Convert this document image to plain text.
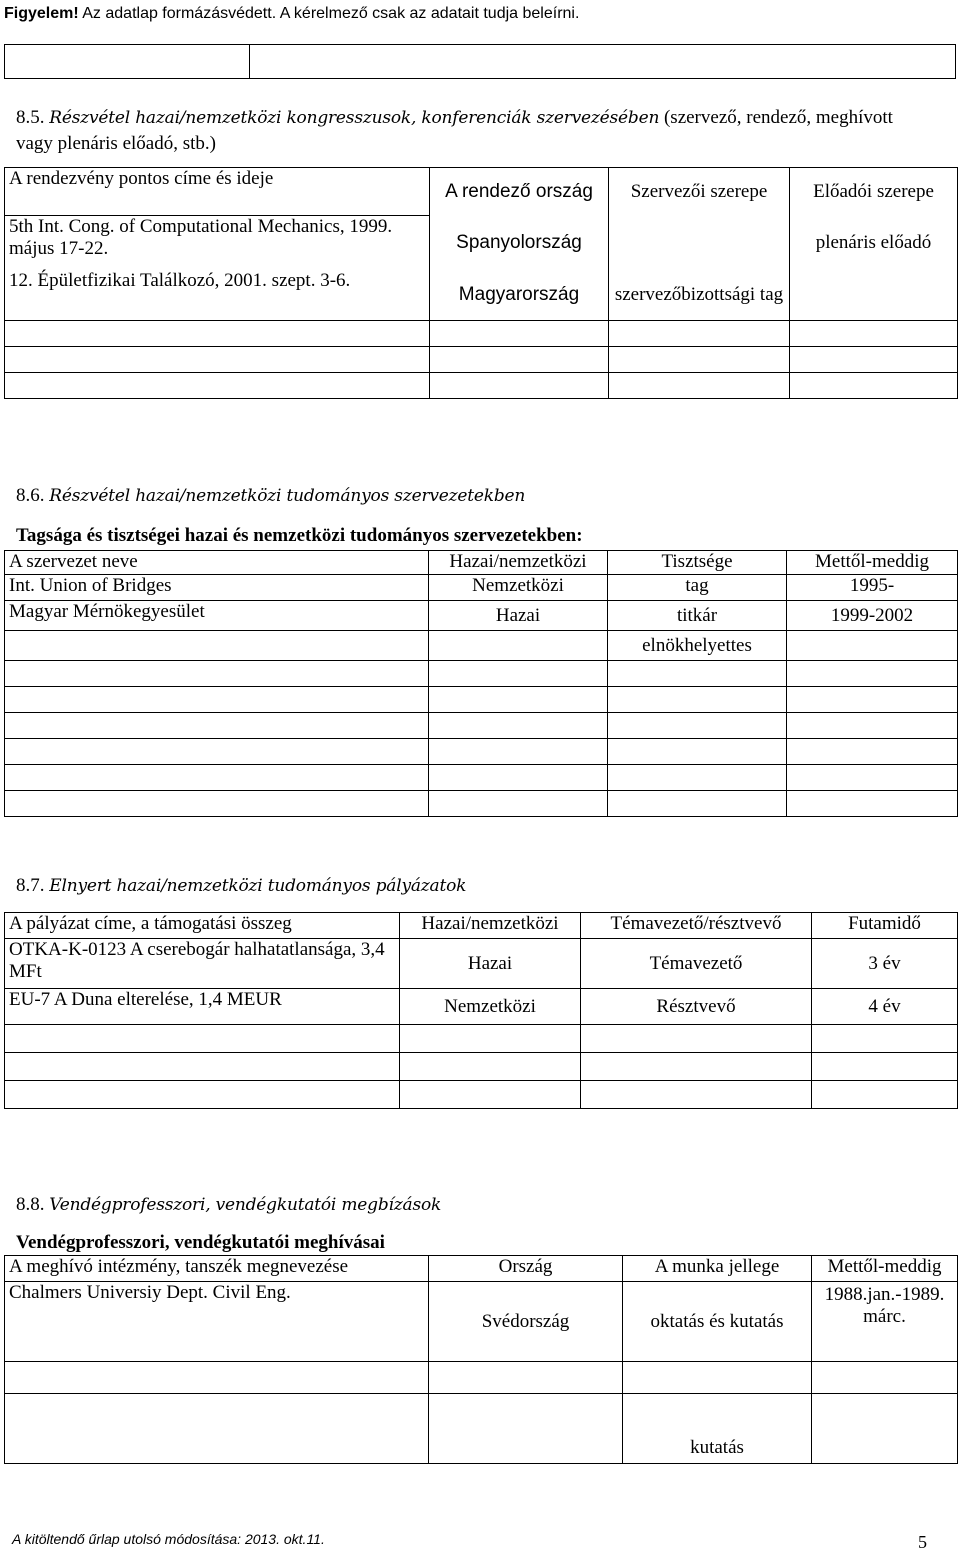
Figyelem! Az adatlap formázásvédett. A kérelmező csak az adatait tudja beleírni.

8.5. Részvétel hazai/nemzetközi kongresszusok, konferenciák szervezésében (szervező, rendező, meghívott
vagy plenáris előadó, stb.)
A rendezvény pontos címe és ideje	A rendező ország	Szervezői szerepe	Előadói szerepe
5th Int. Cong. of Computational Mechanics, 1999. május 17-22.	Spanyolország		plenáris előadó
12. Épületfizikai Találkozó, 2001. szept. 3-6.	Magyarország	szervezőbizottsági tag	

8.6. Részvétel hazai/nemzetközi tudományos szervezetekben
Tagsága és tisztségei hazai és nemzetközi tudományos szervezetekben:
A szervezet neve	Hazai/nemzetközi	Tisztsége	Mettől-meddig
Int. Union of Bridges	Nemzetközi	tag	1995-
Magyar Mérnökegyesület	Hazai	titkár	1999-2002
		elnökhelyettes	

8.7. Elnyert hazai/nemzetközi tudományos pályázatok
A pályázat címe, a támogatási összeg	Hazai/nemzetközi	Témavezető/résztvevő	Futamidő
OTKA-K-0123 A cserebogár halhatatlansága, 3,4 MFt	Hazai	Témavezető	3 év
EU-7 A Duna elterelése, 1,4 MEUR	Nemzetközi	Résztvevő	4 év

8.8. Vendégprofesszori, vendégkutatói megbízások
Vendégprofesszori, vendégkutatói meghívásai
A meghívó intézmény, tanszék megnevezése	Ország	A munka jellege	Mettől-meddig
Chalmers Universiy Dept. Civil Eng.	Svédország	oktatás és kutatás	1988.jan.-1989. márc.

		kutatás	
A kitöltendő űrlap utolsó módosítása: 2013. okt.11.	5
